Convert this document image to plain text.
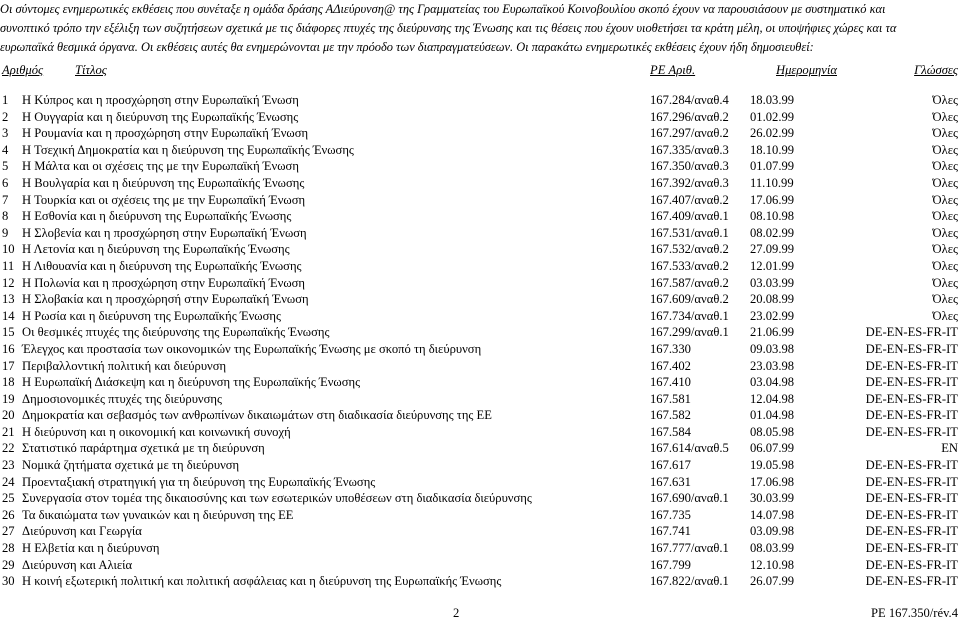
Οι σύντομες ενημερωτικές εκθέσεις που συνέταξε η ομάδα δράσης ΑΔιεύρυνση@ της Γραμματείας του Ευρωπαϊκού Κοινοβουλίου σκοπό έχουν να παρουσιάσουν με συστηματικό και
συνοπτικό τρόπο την εξέλιξη των συζητήσεων σχετικά με τις διάφορες πτυχές της διεύρυνσης της Ένωσης και τις θέσεις που έχουν υιοθετήσει τα κράτη μέλη, οι υποψήφιες χώρες και τα
ευρωπαϊκά θεσμικά όργανα. Οι εκθέσεις αυτές θα ενημερώνονται με την πρόοδο των διαπραγματεύσεων. Οι παρακάτω ενημερωτικές εκθέσεις έχουν ήδη δημοσιευθεί:
Αριθμός	Τίτλος	PE Αριθ.	Ημερομηνία	Γλώσσες
1 Η Κύπρος και η προσχώρηση στην Ευρωπαϊκή Ένωση	167.284/αναθ.4 18.03.99	Όλες
2 Η Ουγγαρία και η διεύρυνση της Ευρωπαϊκής Ένωσης	167.296/αναθ.2 01.02.99	Όλες
3 Η Ρουμανία και η προσχώρηση στην Ευρωπαϊκή Ένωση	167.297/αναθ.2 26.02.99	Όλες
4 Η Τσεχική Δημοκρατία και η διεύρυνση της Ευρωπαϊκής Ένωσης	167.335/αναθ.3 18.10.99	Όλες
5 Η Μάλτα και οι σχέσεις της με την Ευρωπαϊκή Ένωση	167.350/αναθ.3 01.07.99	Όλες
6 Η Βουλγαρία και η διεύρυνση της Ευρωπαϊκής Ένωσης	167.392/αναθ.3 11.10.99	Όλες
7 Η Τουρκία και οι σχέσεις της με την Ευρωπαϊκή Ένωση	167.407/αναθ.2 17.06.99	Όλες
8 Η Εσθονία και η διεύρυνση της Ευρωπαϊκής Ένωσης	167.409/αναθ.1 08.10.98	Όλες
9 Η Σλοβενία και η προσχώρηση στην Ευρωπαϊκή Ένωση	167.531/αναθ.1 08.02.99	Όλες
10 Η Λετονία και η διεύρυνση της Ευρωπαϊκής Ένωσης	167.532/αναθ.2 27.09.99	Όλες
11 Η Λιθουανία και η διεύρυνση της Ευρωπαϊκής Ένωσης	167.533/αναθ.2 12.01.99	Όλες
12 Η Πολωνία και η προσχώρηση στην Ευρωπαϊκή Ένωση	167.587/αναθ.2 03.03.99	Όλες
13 Η Σλοβακία και η προσχώρησή στην Ευρωπαϊκή Ένωση	167.609/αναθ.2 20.08.99	Όλες
14 Η Ρωσία και η διεύρυνση της Ευρωπαϊκής Ένωσης	167.734/αναθ.1 23.02.99	Όλες
15 Οι θεσμικές πτυχές της διεύρυνσης της Ευρωπαϊκής Ένωσης	167.299/αναθ.1 21.06.99	DE-EN-ES-FR-IT
16 Έλεγχος και προστασία των οικονομικών της Ευρωπαϊκής Ένωσης με σκοπό τη διεύρυνση	167.330	09.03.98	DE-EN-ES-FR-IT
17 Περιβαλλοντική πολιτική και διεύρυνση	167.402	23.03.98	DE-EN-ES-FR-IT
18 Η Ευρωπαϊκή Διάσκεψη και η διεύρυνση της Ευρωπαϊκής Ένωσης	167.410	03.04.98	DE-EN-ES-FR-IT
19 Δημοσιονομικές πτυχές της διεύρυνσης	167.581	12.04.98	DE-EN-ES-FR-IT
20 Δημοκρατία και σεβασμός των ανθρωπίνων δικαιωμάτων στη διαδικασία διεύρυνσης της ΕΕ	167.582	01.04.98	DE-EN-ES-FR-IT
21 Η διεύρυνση και η οικονομική και κοινωνική συνοχή	167.584	08.05.98	DE-EN-ES-FR-IT
22 Στατιστικό παράρτημα σχετικά με τη διεύρυνση	167.614/αναθ.5 06.07.99	EN
23 Νομικά ζητήματα σχετικά με τη διεύρυνση	167.617	19.05.98	DE-EN-ES-FR-IT
24 Προενταξιακή στρατηγική για τη διεύρυνση της Ευρωπαϊκής Ένωσης	167.631	17.06.98	DE-EN-ES-FR-IT
25 Συνεργασία στον τομέα της δικαιοσύνης και των εσωτερικών υποθέσεων στη διαδικασία διεύρυνσης	167.690/αναθ.1 30.03.99	DE-EN-ES-FR-IT
26 Τα δικαιώματα των γυναικών και η διεύρυνση της ΕΕ	167.735	14.07.98	DE-EN-ES-FR-IT
27 Διεύρυνση και Γεωργία	167.741	03.09.98	DE-EN-ES-FR-IT
28 Η Ελβετία και η διεύρυνση	167.777/αναθ.1 08.03.99	DE-EN-ES-FR-IT
29 Διεύρυνση και Αλιεία	167.799	12.10.98	DE-EN-ES-FR-IT
30 Η κοινή εξωτερική πολιτική και πολιτική ασφάλειας και η διεύρυνση της Ευρωπαϊκής Ένωσης	167.822/αναθ.1 26.07.99	DE-EN-ES-FR-IT
2	PE 167.350/rév.4
